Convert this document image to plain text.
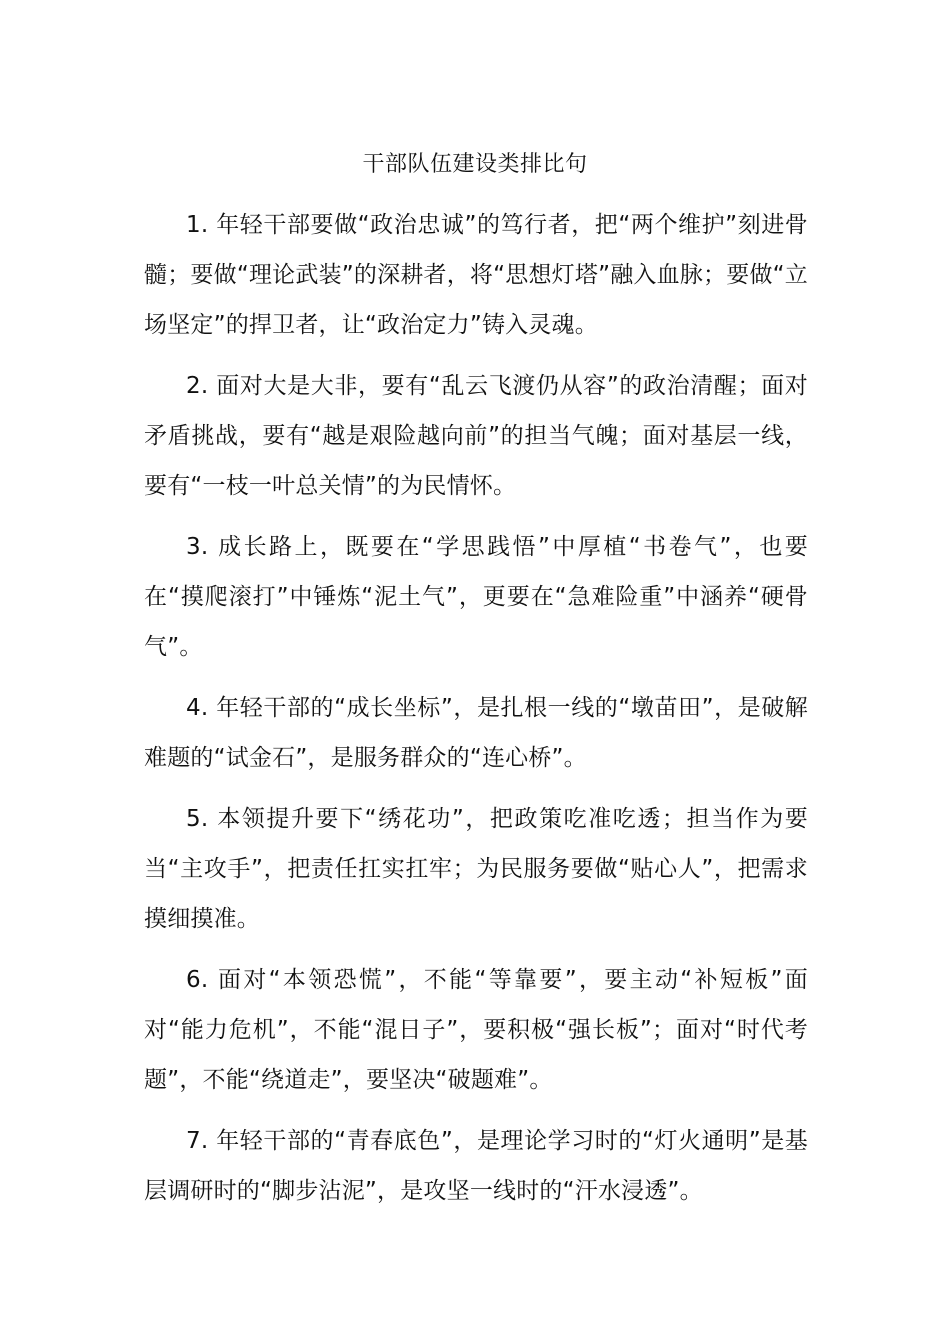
干部队伍建设类排比句

1. 年轻干部要做“政治忠诚”的笃行者，把“两个维护”刻进骨髓；要做“理论武装”的深耕者，将“思想灯塔”融入血脉；要做“立场坚定”的捍卫者，让“政治定力”铸入灵魂。

2. 面对大是大非，要有“乱云飞渡仍从容”的政治清醒；面对矛盾挑战，要有“越是艰险越向前”的担当气魄；面对基层一线，要有“一枝一叶总关情”的为民情怀。

3. 成长路上，既要在“学思践悟”中厚植“书卷气”，也要在“摸爬滚打”中锤炼“泥土气”，更要在“急难险重”中涵养“硬骨气”。

4. 年轻干部的“成长坐标”，是扎根一线的“墩苗田”，是破解难题的“试金石”，是服务群众的“连心桥”。

5. 本领提升要下“绣花功”，把政策吃准吃透；担当作为要当“主攻手”，把责任扛实扛牢；为民服务要做“贴心人”，把需求摸细摸准。

6. 面对“本领恐慌”，不能“等靠要”，要主动“补短板”面对“能力危机”，不能“混日子”，要积极“强长板”；面对“时代考题”，不能“绕道走”，要坚决“破题难”。

7. 年轻干部的“青春底色”，是理论学习时的“灯火通明”是基层调研时的“脚步沾泥”，是攻坚一线时的“汗水浸透”。
